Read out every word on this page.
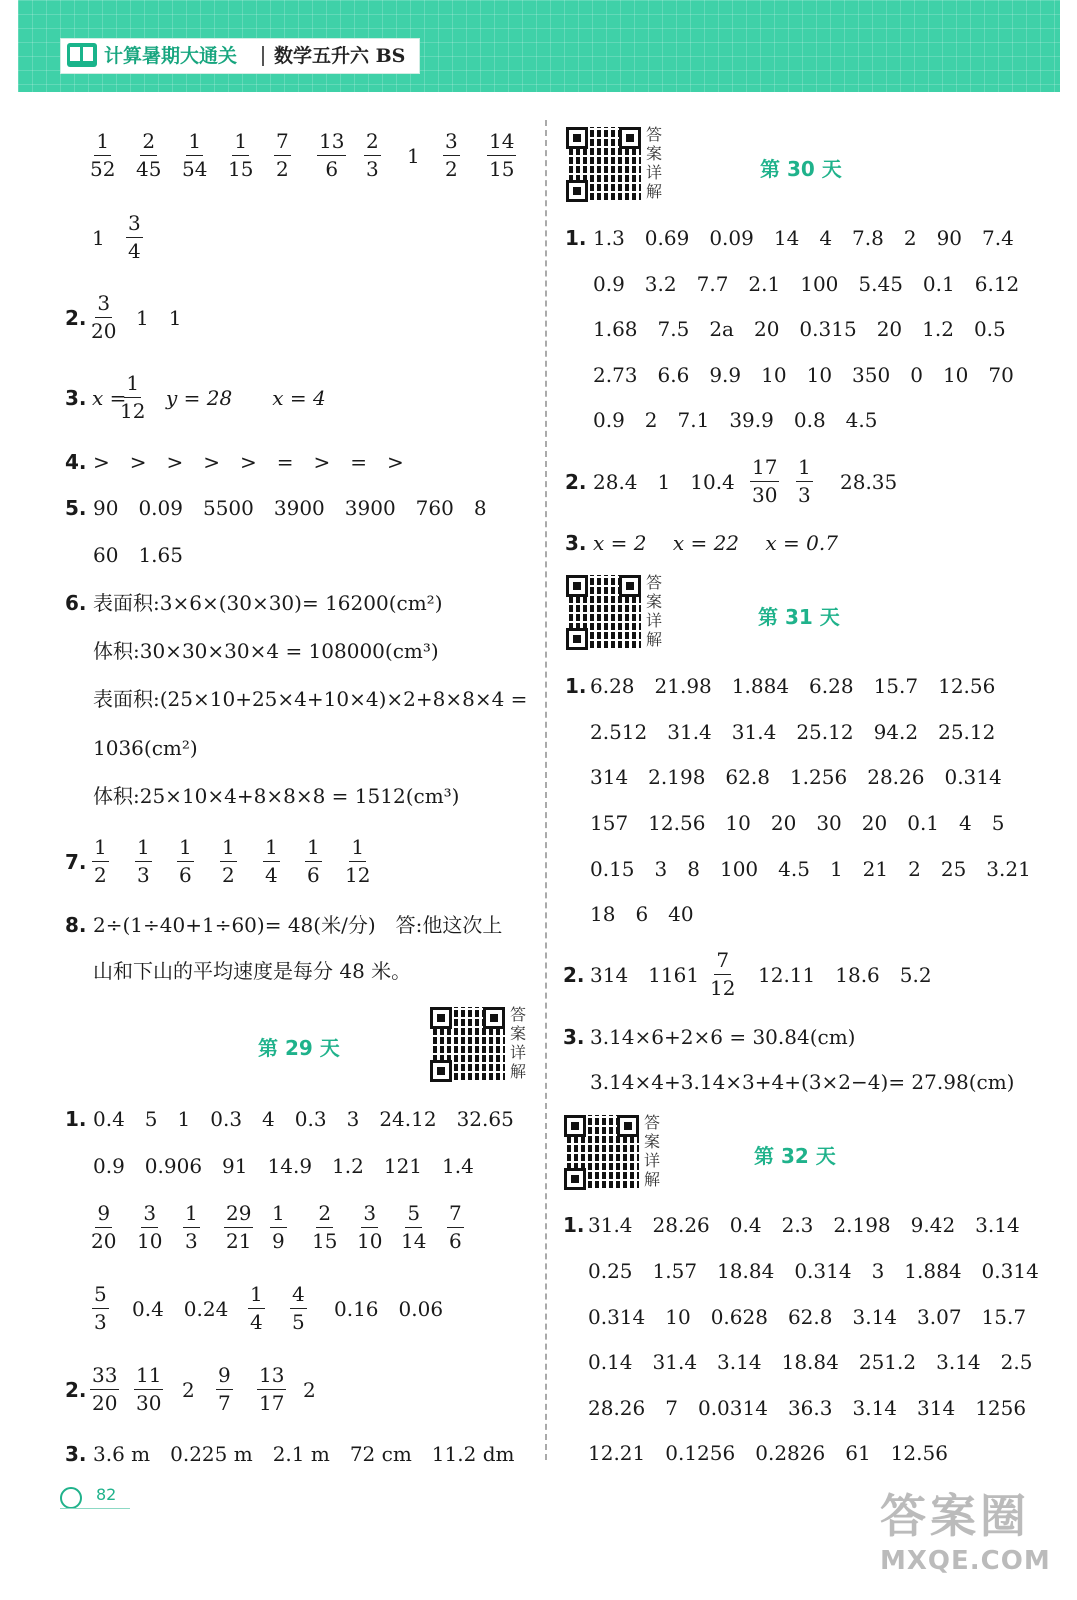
计算暑期大通关 数学五升六 BS
$\frac{1}{52} \frac{2}{45} \frac{1}{54} \frac{1}{15} \frac{7}{2} \frac{13}{6} \frac{2}{3} 1 \frac{3}{2} \frac{14}{15}$
$1 \frac{3}{4}$
2. $\frac{3}{20} 1$　1
3. x =
$\frac{1}{12}$ y = 28　　x = 4
4. >　>　>　>　>　=　>　=　>
5. 90　0.09　5500　3900　3900　760　8
60　1.65
6. 表面积:3×6×(30×30)= 16200(cm²)
体积:30×30×30×4 = 108000(cm³)
表面积:(25×10+25×4+10×4)×2+8×8×4 =
1036(cm²)
体积:25×10×4+8×8×8 = 1512(cm³)
7. $\frac{1}{2} \frac{1}{3} \frac{1}{6} \frac{1}{2} \frac{1}{4} \frac{1}{6} \frac{1}{12}$
8. 2÷(1÷40+1÷60)= 48(米/分)　答:他这次上
山和下山的平均速度是每分 48 米。
第 29 天
答案详解
1. 0.4　5　1　0.3　4　0.3　3　24.12　32.65
0.9　0.906　91　14.9　1.2　121　1.4
$\frac{9}{20} \frac{3}{10} \frac{1}{3} \frac{29}{21} \frac{1}{9} \frac{2}{15} \frac{3}{10} \frac{5}{14} \frac{7}{6}$
$\frac{5}{3} 0.4$　$0.24 \frac{1}{4} \frac{4}{5} 0.16$　0.06
2. $\frac{33}{20} \frac{11}{30} 2 \frac{9}{7} \frac{13}{17} 2$
3. 3.6 m　0.225 m　2.1 m　72 cm　11.2 dm
答案详解
第 30 天
1. 1.3　0.69　0.09　14　4　7.8　2　90　7.4
0.9　3.2　7.7　2.1　100　5.45　0.1　6.12
1.68　7.5　2a　20　0.315　20　1.2　0.5
2.73　6.6　9.9　10　10　350　0　10　70
0.9　2　7.1　39.9　0.8　4.5
2. 28.4　1　$10.4 \frac{17}{30} \frac{1}{3} 28.35$
3. x = 2　 x = 22　 x = 0.7
答案详解
第 31 天
1. 6.28　21.98　1.884　6.28　15.7　12.56
2.512　31.4　31.4　25.12　94.2　25.12
314　2.198　62.8　1.256　28.26　0.314
157　12.56　10　20　30　20　0.1　4　5
0.15　3　8　100　4.5　1　21　2　25　3.21
18　6　40
2. 314　$1161 \frac{7}{12} 12.11$　18.6　5.2
3. 3.14×6+2×6 = 30.84(cm)
3.14×4+3.14×3+4+(3×2−4)= 27.98(cm)
答案详解
第 32 天
1. 31.4　28.26　0.4　2.3　2.198　9.42　3.14
0.25　1.57　18.84　0.314　3　1.884　0.314
0.314　10　0.628　62.8　3.14　3.07　15.7
0.14　31.4　3.14　18.84　251.2　3.14　2.5
28.26　7　0.0314　36.3　3.14　314　1256
12.21　0.1256　0.2826　61　12.56
82	答案圈
MXQE.COM
